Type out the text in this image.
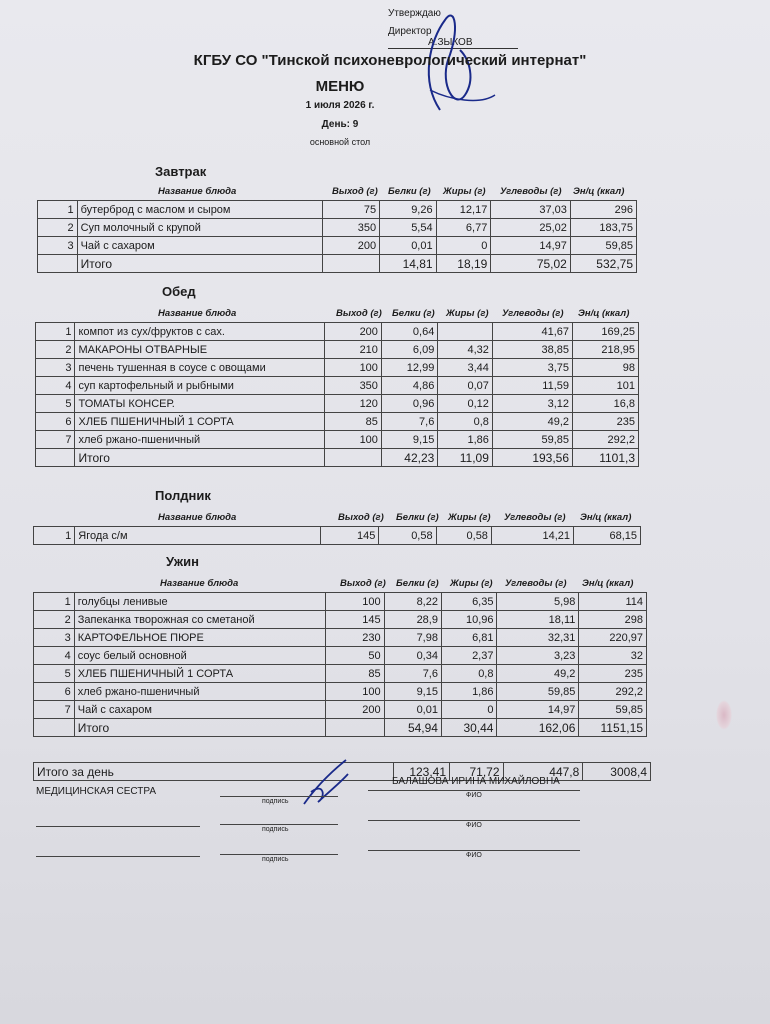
Утверждаю
Директор А.ЗЫКОВ
КГБУ СО "Тинской психоневрологический интернат"
МЕНЮ
1 июля 2026 г.
День: 9
основной стол
Завтрак
Название блюда	Выход (г) Белки (г) Жиры (г) Углеводы (г) Эн/ц (ккал)
1	бутерброд с маслом и сыром	75	9,26	12,17	37,03	296
2	Суп молочный с крупой	350	5,54	6,77	25,02	183,75
3	Чай с сахаром	200	0,01	0	14,97	59,85
	Итого		14,81	18,19	75,02	532,75
Обед
Название блюда	Выход (г) Белки (г) Жиры (г) Углеводы (г) Эн/ц (ккал)
1	компот из сух/фруктов с сах.	200	0,64		41,67	169,25
2	МАКАРОНЫ ОТВАРНЫЕ	210	6,09	4,32	38,85	218,95
3	печень тушенная в соусе с овощами	100	12,99	3,44	3,75	98
4	суп картофельный и рыбными	350	4,86	0,07	11,59	101
5	ТОМАТЫ КОНСЕР.	120	0,96	0,12	3,12	16,8
6	ХЛЕБ ПШЕНИЧНЫЙ 1 СОРТА	85	7,6	0,8	49,2	235
7	хлеб ржано-пшеничный	100	9,15	1,86	59,85	292,2
	Итого		42,23	11,09	193,56	1101,3
Полдник
Название блюда	Выход (г) Белки (г) Жиры (г) Углеводы (г) Эн/ц (ккал)
1	Ягода с/м	145	0,58	0,58	14,21	68,15
Ужин
Название блюда	Выход (г) Белки (г) Жиры (г) Углеводы (г) Эн/ц (ккал)
1	голубцы ленивые	100	8,22	6,35	5,98	114
2	Запеканка творожная со сметаной	145	28,9	10,96	18,11	298
3	КАРТОФЕЛЬНОЕ ПЮРЕ	230	7,98	6,81	32,31	220,97
4	соус белый основной	50	0,34	2,37	3,23	32
5	ХЛЕБ ПШЕНИЧНЫЙ 1 СОРТА	85	7,6	0,8	49,2	235
6	хлеб ржано-пшеничный	100	9,15	1,86	59,85	292,2
7	Чай с сахаром	200	0,01	0	14,97	59,85
	Итого		54,94	30,44	162,06	1151,15
Итого за день		123,41	71,72	447,8	3008,4
МЕДИЦИНСКАЯ СЕСТРА
БАЛАШОВА ИРИНА МИХАЙЛОВНА
подпись
ФИО
подпись
ФИО
подпись
ФИО
